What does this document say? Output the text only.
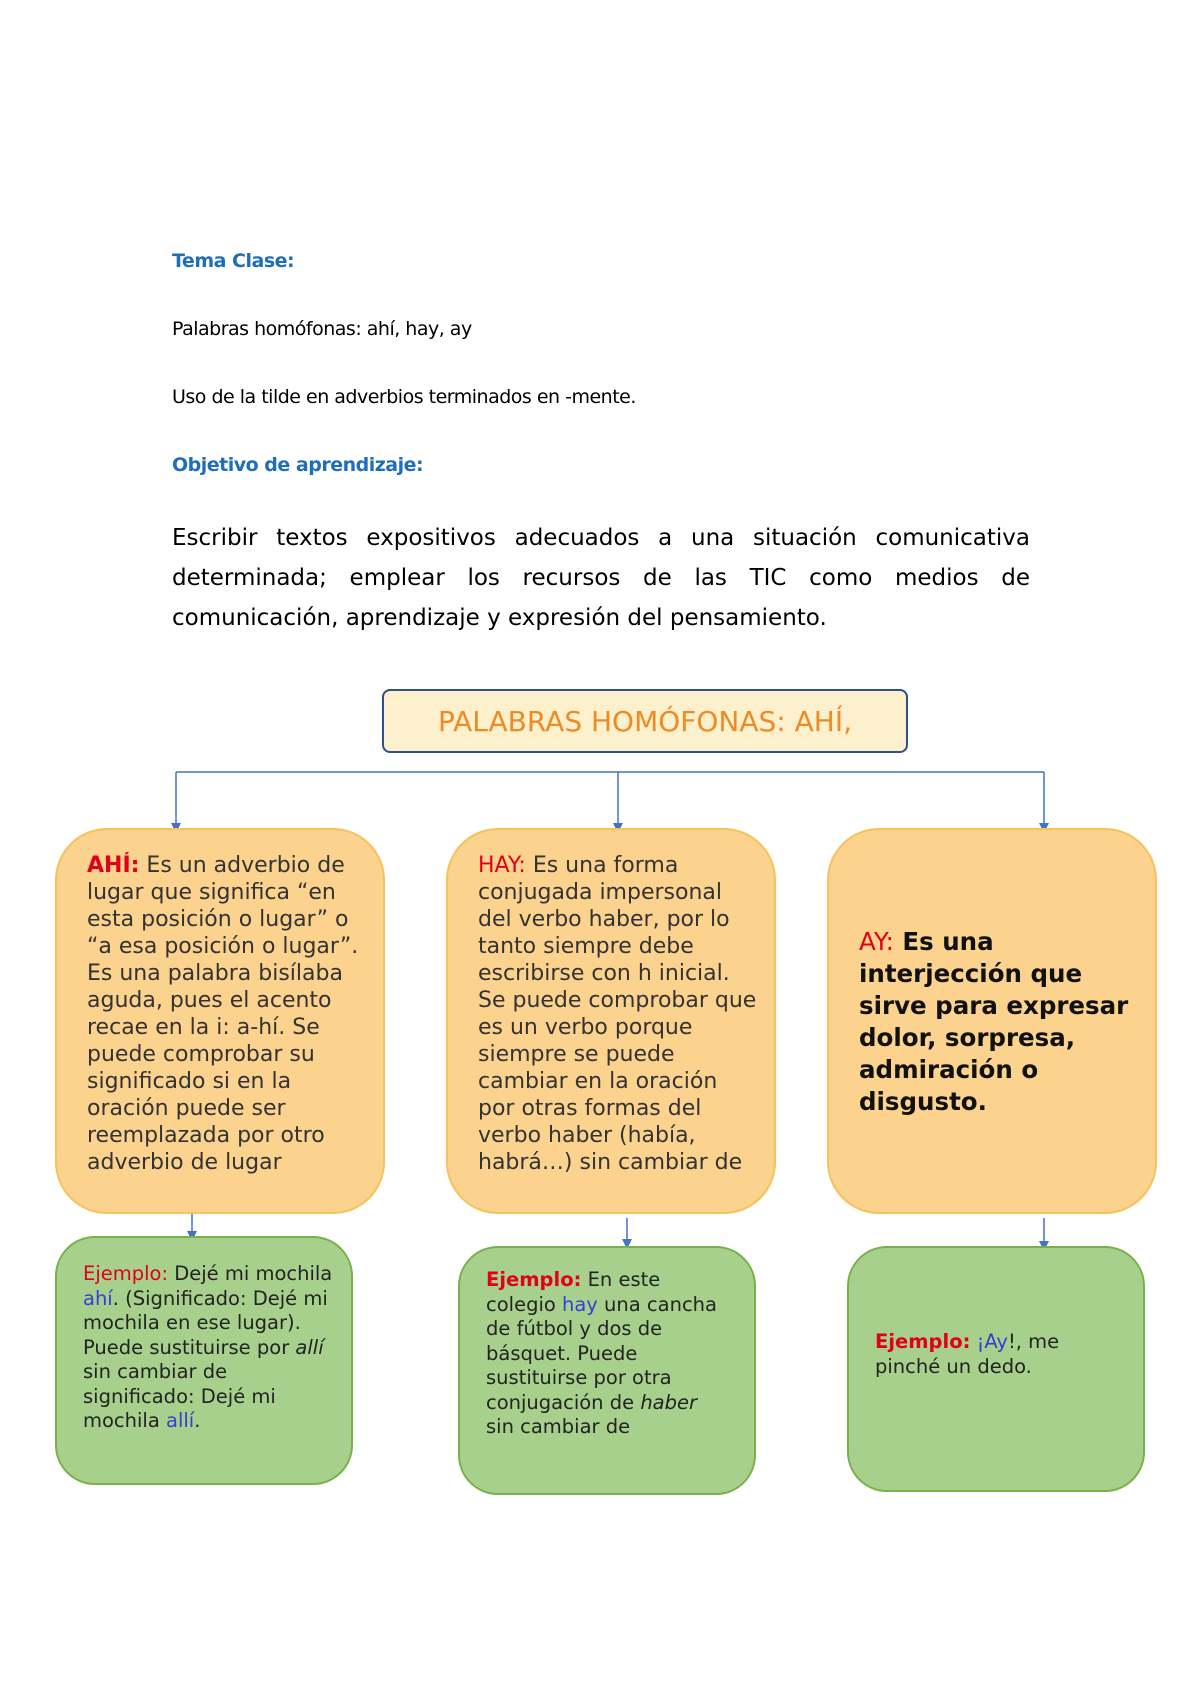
Tema Clase:
Palabras homófonas: ahí, hay, ay
Uso de la tilde en adverbios terminados en -mente.
Objetivo de aprendizaje:
Escribir textos expositivos adecuados a una situación comunicativa determinada; emplear los recursos de las TIC como medios de comunicación, aprendizaje y expresión del pensamiento.
PALABRAS HOMÓFONAS: AHÍ,
AHÍ: Es un adverbio de lugar que significa “en esta posición o lugar” o “a esa posición o lugar”. Es una palabra bisílaba aguda, pues el acento recae en la i: a-hí. Se puede comprobar su significado si en la oración puede ser reemplazada por otro adverbio de lugar
HAY: Es una forma conjugada impersonal del verbo haber, por lo tanto siempre debe escribirse con h inicial. Se puede comprobar que es un verbo porque siempre se puede cambiar en la oración por otras formas del verbo haber (había, habrá…) sin cambiar de
AY: Es una interjección que sirve para expresar dolor, sorpresa, admiración o disgusto.
Ejemplo: Dejé mi mochila ahí. (Significado: Dejé mi mochila en ese lugar). Puede sustituirse por allí sin cambiar de significado: Dejé mi mochila allí.
Ejemplo: En este colegio hay una cancha de fútbol y dos de básquet. Puede sustituirse por otra conjugación de haber sin cambiar de
Ejemplo: ¡Ay!, me pinché un dedo.
